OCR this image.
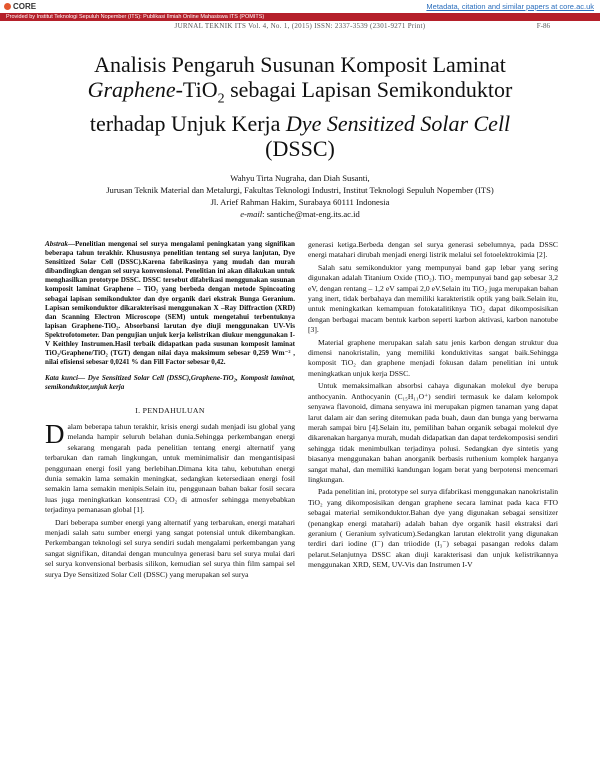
CORE	Metadata, citation and similar papers at core.ac.uk
Provided by Institut Teknologi Sepuluh Nopember (ITS): Publikasi Ilmiah Online Mahasiswa ITS (POMITS)
JURNAL TEKNIK ITS Vol. 4, No. 1, (2015) ISSN: 2337-3539 (2301-9271 Print)	F-86
Analisis Pengaruh Susunan Komposit Laminat
Graphene-TiO$_2$ sebagai Lapisan Semikonduktor
terhadap Unjuk Kerja Dye Sensitized Solar Cell
(DSSC)
Wahyu Tirta Nugraha, dan Diah Susanti,
Jurusan Teknik Material dan Metalurgi, Fakultas Teknologi Industri, Institut Teknologi Sepuluh Nopember (ITS)
Jl. Arief Rahman Hakim, Surabaya 60111 Indonesia
e-mail: santiche@mat-eng.its.ac.id

Abstrak—Penelitian mengenai sel surya mengalami peningkatan yang signifikan beberapa tahun terakhir. Khususnya penelitian tentang sel surya lanjutan, Dye Sensitized Solar Cell (DSSC).Karena fabrikasinya yang mudah dan murah dibandingkan dengan sel surya konvensional. Penelitian ini akan dilakukan untuk menghasilkan prototype DSSC. DSSC tersebut difabrikasi menggunakan susunan komposit laminat Graphene – TiO₂ yang berbeda dengan metode Spincoating sebagai lapisan semikonduktor dan dye organik dari ekstrak Bunga Geranium. Lapisan semikonduktor dikarakterisasi menggunakan X –Ray Diffraction (XRD) dan Scanning Electron Microscope (SEM) untuk mengetahui terbentuknya lapisan Graphene-TiO₂. Absorbansi larutan dye diuji menggunakan UV-Vis Spektrofotometer. Dan pengujian unjuk kerja kelistrikan diukur menggunakan I-V Keithley Instrumen.Hasil terbaik didapatkan pada susunan komposit laminat TiO₂/Graphene/TiO₂ (TGT) dengan nilai daya maksimum sebesar 0,259 Wm⁻² , nilai efisiensi sebesar 0,0241 % dan Fill Factor sebesar 0,42.

Kata kunci— Dye Sensitized Solar Cell (DSSC),Graphene-TiO₂, Komposit laminat, semikonduktor,unjuk kerja

I. PENDAHULUAN

Dalam beberapa tahun terakhir, krisis energi sudah menjadi isu global yang melanda hampir seluruh belahan dunia.Sehingga perkembangan energi sekarang mengarah pada penelitian tentang energi alternatif yang terbarukan dan ramah lingkungan, untuk meminimalisir dan mengantisipasi penggunaan energi fosil yang berlebihan.Dimana kita tahu, kebutuhan energi dunia semakin lama semakin meningkat, sedangkan ketersediaan energi fosil semakin lama semakin menipis.Selain itu, penggunaan bahan bakar fosil secara luas juga meningkatkan konsentrasi CO₂ di atmosfer sehingga menyebabkan terjadinya pemanasan global [1].

Dari beberapa sumber energi yang alternatif yang terbarukan, energi matahari menjadi salah satu sumber energi yang sangat potensial untuk dikembangkan. Perkembangan teknologi sel surya sendiri sudah mengalami perkembangan yang sangat signifikan, ditandai dengan munculnya generasi baru sel surya mulai dari sel surya konvensional berbasis silikon, kemudian sel surya thin film sampai sel surya Dye Sensitized Solar Cell (DSSC) yang merupakan sel surya

generasi ketiga.Berbeda dengan sel surya generasi sebelumnya, pada DSSC energi matahari dirubah menjadi energi listrik melalui sel fotoelektrokimia [2].

Salah satu semikonduktor yang mempunyai band gap lebar yang sering digunakan adalah Titanium Oxide (TiO₂). TiO₂ mempunyai band gap sebesar 3,2 eV, dengan rentang – 1,2 eV sampai 2,0 eV.Selain itu TiO₂ juga merupakan bahan yang inert, tidak berbahaya dan memiliki karakteristik optik yang baik.Selain itu, untuk meningkatkan kemampuan fotokatalitiknya TiO₂ dapat dikomposisikan dengan berbagai macam bentuk karbon seperti karbon aktivasi, karbon nanotube [3].

Material graphene merupakan salah satu jenis karbon dengan struktur dua dimensi nanokristalin, yang memiliki konduktivitas sangat baik.Sehingga komposit TiO₂ dan graphene menjadi fokusan dalam penelitian ini untuk meningkatkan unjuk kerja DSSC.

Untuk memaksimalkan absorbsi cahaya digunakan molekul dye berupa anthocyanin. Anthocyanin (C₁₅H₁₁O⁺) sendiri termasuk ke dalam kelompok senyawa flavonoid, dimana senyawa ini merupakan pigmen tanaman yang dapat larut dalam air dan sering ditemukan pada buah, daun dan bunga yang berwarna merah sampai biru [4].Selain itu, pemilihan bahan organik sebagai molekul dye dikarenakan harganya murah, mudah didapatkan dan dapat terdekomposisi sendiri sehingga tidak menimbulkan terjadinya polusi. Sedangkan dye sintetis yang biasanya menggunakan bahan anorganik berbasis ruthenium komplek harganya sangat mahal, dan memiliki kandungan logam berat yang berpotensi mencemari lingkungan.

Pada penelitian ini, prototype sel surya difabrikasi menggunakan nanokristalin TiO₂ yang dikomposisikan dengan graphene secara laminat pada kaca FTO sebagai material semikonduktor.Bahan dye yang digunakan sebagai sensitizer (penangkap energi matahari) adalah bahan dye organik hasil ekstraksi dari geranium ( Geranium sylvaticum).Sedangkan larutan elektrolit yang digunakan terdiri dari iodine (I⁻) dan triiodide (I₃⁻) sebagai pasangan redoks dalam pelarut.Selanjutnya DSSC akan diuji karakterisasi dan unjuk kelistrikannya menggunakan XRD, SEM, UV-Vis dan Instrumen I-V
